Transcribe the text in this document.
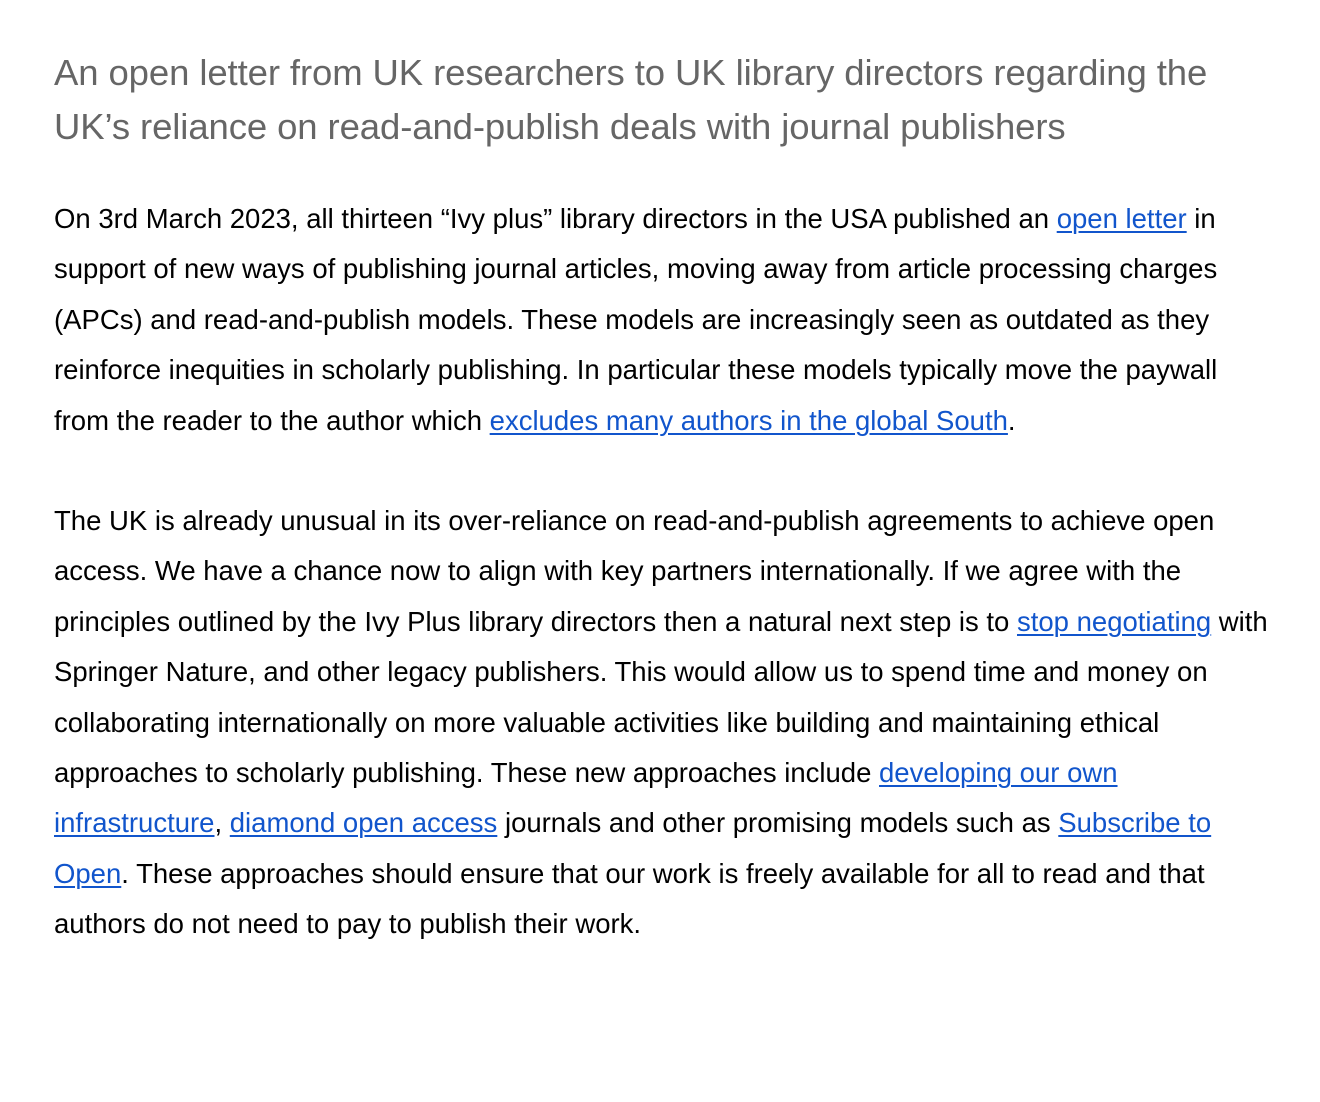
An open letter from UK researchers to UK library directors regarding the UK’s reliance on read-and-publish deals with journal publishers

On 3rd March 2023, all thirteen “Ivy plus” library directors in the USA published an open letter in support of new ways of publishing journal articles, moving away from article processing charges (APCs) and read-and-publish models. These models are increasingly seen as outdated as they reinforce inequities in scholarly publishing. In particular these models typically move the paywall from the reader to the author which excludes many authors in the global South.

The UK is already unusual in its over-reliance on read-and-publish agreements to achieve open access. We have a chance now to align with key partners internationally. If we agree with the principles outlined by the Ivy Plus library directors then a natural next step is to stop negotiating with Springer Nature, and other legacy publishers. This would allow us to spend time and money on collaborating internationally on more valuable activities like building and maintaining ethical approaches to scholarly publishing. These new approaches include developing our own infrastructure, diamond open access journals and other promising models such as Subscribe to Open. These approaches should ensure that our work is freely available for all to read and that authors do not need to pay to publish their work.
